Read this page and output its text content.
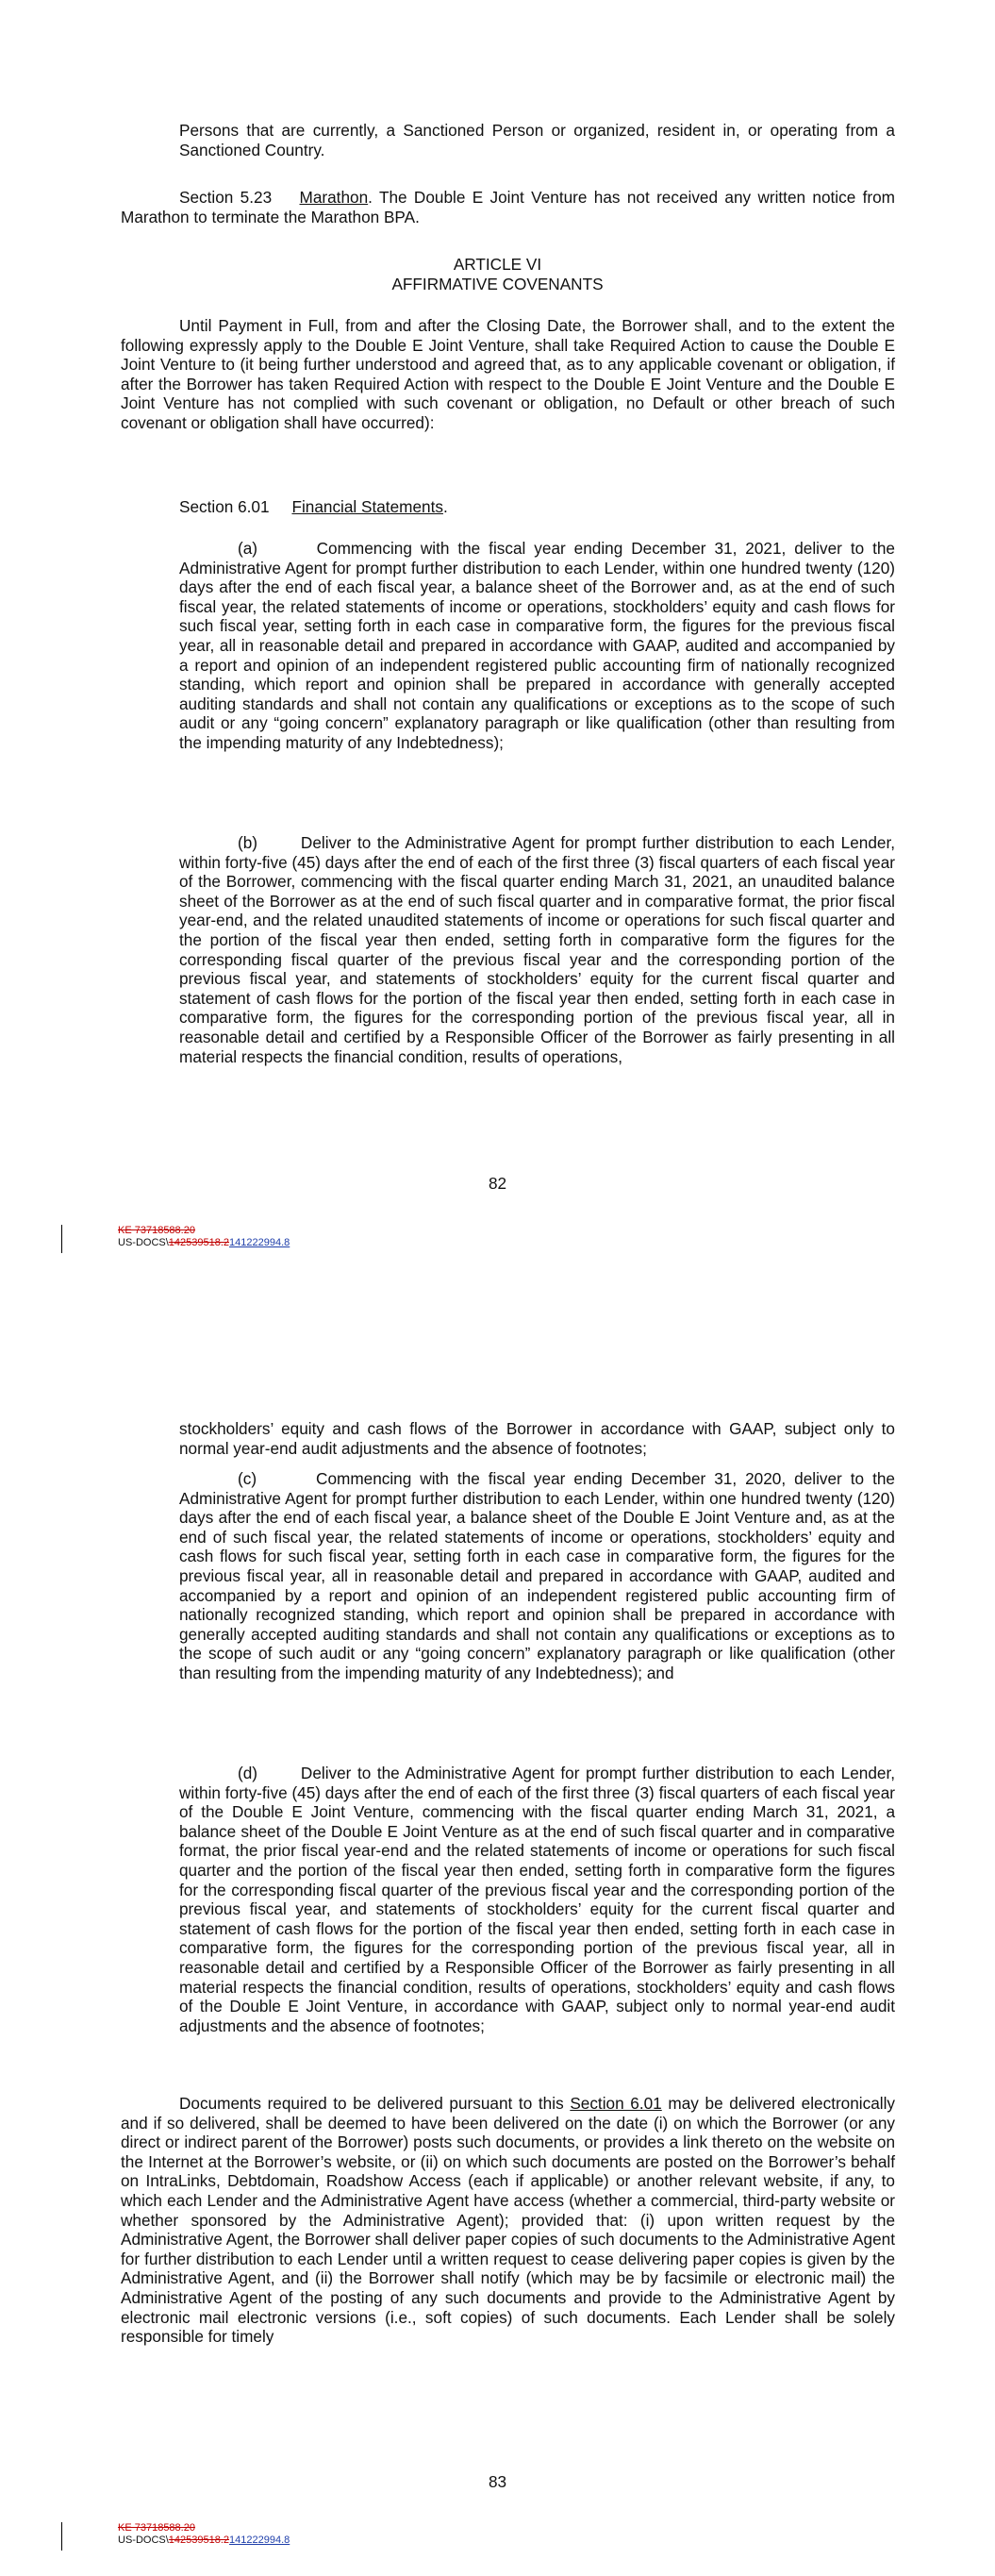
Persons that are currently, a Sanctioned Person or organized, resident in, or operating from a Sanctioned Country.

Section 5.23 Marathon. The Double E Joint Venture has not received any written notice from Marathon to terminate the Marathon BPA.

ARTICLE VI
AFFIRMATIVE COVENANTS

Until Payment in Full, from and after the Closing Date, the Borrower shall, and to the extent the following expressly apply to the Double E Joint Venture, shall take Required Action to cause the Double E Joint Venture to (it being further understood and agreed that, as to any applicable covenant or obligation, if after the Borrower has taken Required Action with respect to the Double E Joint Venture and the Double E Joint Venture has not complied with such covenant or obligation, no Default or other breach of such covenant or obligation shall have occurred):

Section 6.01 Financial Statements.

(a)	Commencing with the fiscal year ending December 31, 2021, deliver to the Administrative Agent for prompt further distribution to each Lender, within one hundred twenty (120) days after the end of each fiscal year, a balance sheet of the Borrower and, as at the end of such fiscal year, the related statements of income or operations, stockholders’ equity and cash flows for such fiscal year, setting forth in each case in comparative form, the figures for the previous fiscal year, all in reasonable detail and prepared in accordance with GAAP, audited and accompanied by a report and opinion of an independent registered public accounting firm of nationally recognized standing, which report and opinion shall be prepared in accordance with generally accepted auditing standards and shall not contain any qualifications or exceptions as to the scope of such audit or any “going concern” explanatory paragraph or like qualification (other than resulting from the impending maturity of any Indebtedness);

(b)	Deliver to the Administrative Agent for prompt further distribution to each Lender, within forty-five (45) days after the end of each of the first three (3) fiscal quarters of each fiscal year of the Borrower, commencing with the fiscal quarter ending March 31, 2021, an unaudited balance sheet of the Borrower as at the end of such fiscal quarter and in comparative format, the prior fiscal year-end, and the related unaudited statements of income or operations for such fiscal quarter and the portion of the fiscal year then ended, setting forth in comparative form the figures for the corresponding fiscal quarter of the previous fiscal year and the corresponding portion of the previous fiscal year, and statements of stockholders’ equity for the current fiscal quarter and statement of cash flows for the portion of the fiscal year then ended, setting forth in each case in comparative form, the figures for the corresponding portion of the previous fiscal year, all in reasonable detail and certified by a Responsible Officer of the Borrower as fairly presenting in all material respects the financial condition, results of operations,

82
KE 73718588.20
US-DOCS\142539518.2141222994.8

stockholders’ equity and cash flows of the Borrower in accordance with GAAP, subject only to normal year-end audit adjustments and the absence of footnotes;

(c)	Commencing with the fiscal year ending December 31, 2020, deliver to the Administrative Agent for prompt further distribution to each Lender, within one hundred twenty (120) days after the end of each fiscal year, a balance sheet of the Double E Joint Venture and, as at the end of such fiscal year, the related statements of income or operations, stockholders’ equity and cash flows for such fiscal year, setting forth in each case in comparative form, the figures for the previous fiscal year, all in reasonable detail and prepared in accordance with GAAP, audited and accompanied by a report and opinion of an independent registered public accounting firm of nationally recognized standing, which report and opinion shall be prepared in accordance with generally accepted auditing standards and shall not contain any qualifications or exceptions as to the scope of such audit or any “going concern” explanatory paragraph or like qualification (other than resulting from the impending maturity of any Indebtedness); and

(d)	Deliver to the Administrative Agent for prompt further distribution to each Lender, within forty-five (45) days after the end of each of the first three (3) fiscal quarters of each fiscal year of the Double E Joint Venture, commencing with the fiscal quarter ending March 31, 2021, a balance sheet of the Double E Joint Venture as at the end of such fiscal quarter and in comparative format, the prior fiscal year-end and the related statements of income or operations for such fiscal quarter and the portion of the fiscal year then ended, setting forth in comparative form the figures for the corresponding fiscal quarter of the previous fiscal year and the corresponding portion of the previous fiscal year, and statements of stockholders’ equity for the current fiscal quarter and statement of cash flows for the portion of the fiscal year then ended, setting forth in each case in comparative form, the figures for the corresponding portion of the previous fiscal year, all in reasonable detail and certified by a Responsible Officer of the Borrower as fairly presenting in all material respects the financial condition, results of operations, stockholders’ equity and cash flows of the Double E Joint Venture, in accordance with GAAP, subject only to normal year-end audit adjustments and the absence of footnotes;

Documents required to be delivered pursuant to this Section 6.01 may be delivered electronically and if so delivered, shall be deemed to have been delivered on the date (i) on which the Borrower (or any direct or indirect parent of the Borrower) posts such documents, or provides a link thereto on the website on the Internet at the Borrower’s website, or (ii) on which such documents are posted on the Borrower’s behalf on IntraLinks, Debtdomain, Roadshow Access (each if applicable) or another relevant website, if any, to which each Lender and the Administrative Agent have access (whether a commercial, third-party website or whether sponsored by the Administrative Agent); provided that: (i) upon written request by the Administrative Agent, the Borrower shall deliver paper copies of such documents to the Administrative Agent for further distribution to each Lender until a written request to cease delivering paper copies is given by the Administrative Agent, and (ii) the Borrower shall notify (which may be by facsimile or electronic mail) the Administrative Agent of the posting of any such documents and provide to the Administrative Agent by electronic mail electronic versions (i.e., soft copies) of such documents. Each Lender shall be solely responsible for timely

83
KE 73718588.20
US-DOCS\142539518.2141222994.8
